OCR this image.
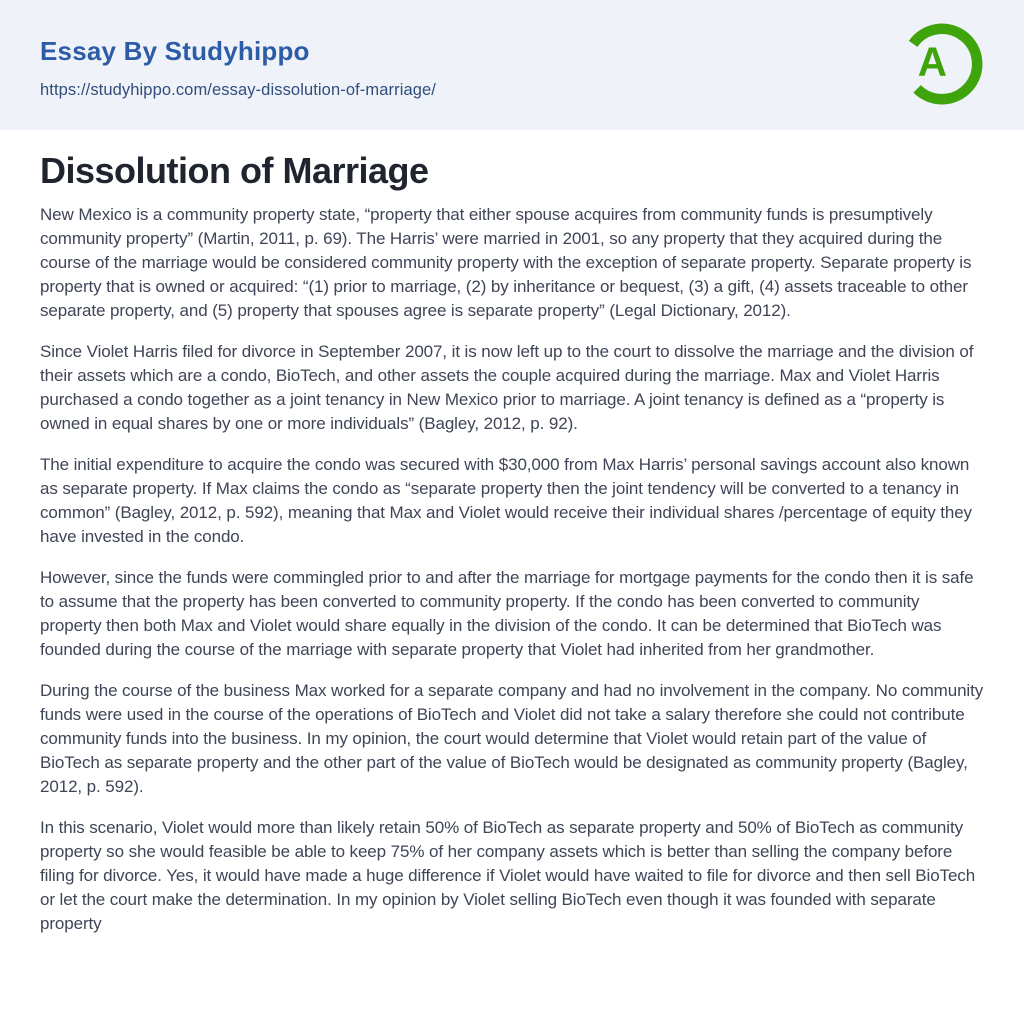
Essay By Studyhippo
https://studyhippo.com/essay-dissolution-of-marriage/
A
Dissolution of Marriage

New Mexico is a community property state, “property that either spouse acquires from community funds is presumptively community property” (Martin, 2011, p. 69). The Harris’ were married in 2001, so any property that they acquired during the course of the marriage would be considered community property with the exception of separate property. Separate property is property that is owned or acquired: “(1) prior to marriage, (2) by inheritance or bequest, (3) a gift, (4) assets traceable to other separate property, and (5) property that spouses agree is separate property” (Legal Dictionary, 2012).

Since Violet Harris filed for divorce in September 2007, it is now left up to the court to dissolve the marriage and the division of their assets which are a condo, BioTech, and other assets the couple acquired during the marriage. Max and Violet Harris purchased a condo together as a joint tenancy in New Mexico prior to marriage. A joint tenancy is defined as a “property is owned in equal shares by one or more individuals” (Bagley, 2012, p. 92).

The initial expenditure to acquire the condo was secured with $30,000 from Max Harris’ personal savings account also known as separate property. If Max claims the condo as “separate property then the joint tendency will be converted to a tenancy in common” (Bagley, 2012, p. 592), meaning that Max and Violet would receive their individual shares /percentage of equity they have invested in the condo.

However, since the funds were commingled prior to and after the marriage for mortgage payments for the condo then it is safe to assume that the property has been converted to community property. If the condo has been converted to community property then both Max and Violet would share equally in the division of the condo. It can be determined that BioTech was founded during the course of the marriage with separate property that Violet had inherited from her grandmother.

During the course of the business Max worked for a separate company and had no involvement in the company. No community funds were used in the course of the operations of BioTech and Violet did not take a salary therefore she could not contribute community funds into the business. In my opinion, the court would determine that Violet would retain part of the value of BioTech as separate property and the other part of the value of BioTech would be designated as community property (Bagley, 2012, p. 592).

In this scenario, Violet would more than likely retain 50% of BioTech as separate property and 50% of BioTech as community property so she would feasible be able to keep 75% of her company assets which is better than selling the company before filing for divorce. Yes, it would have made a huge difference if Violet would have waited to file for divorce and then sell BioTech or let the court make the determination. In my opinion by Violet selling BioTech even though it was founded with separate property
